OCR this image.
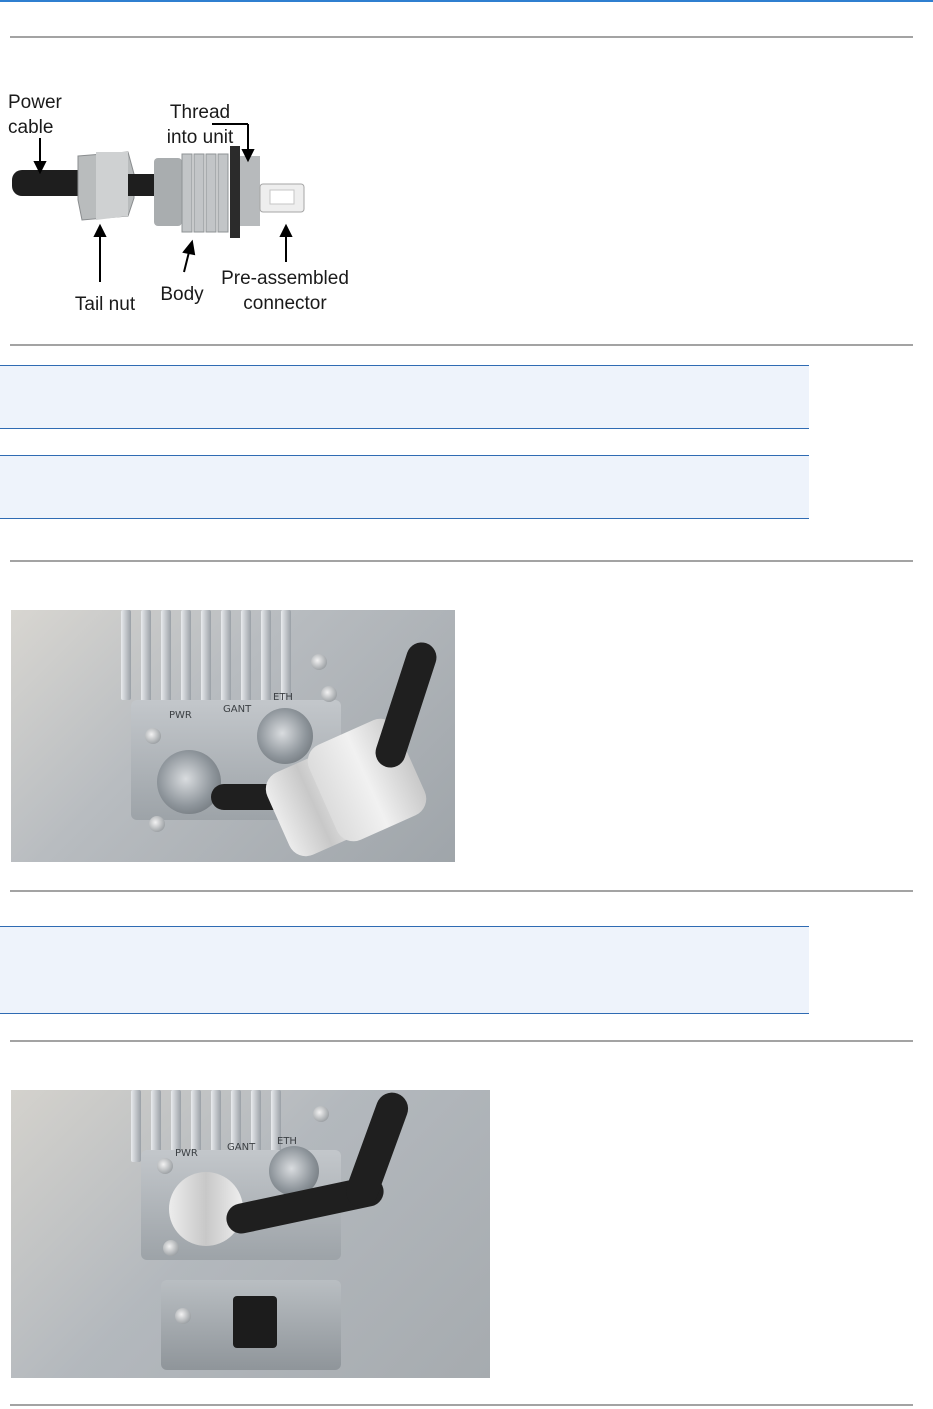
Power
cable
Thread
into unit
Tail nut	Body
Pre-assembled
connector
PWR
GANT
ETH
PWR
GANT
ETH
